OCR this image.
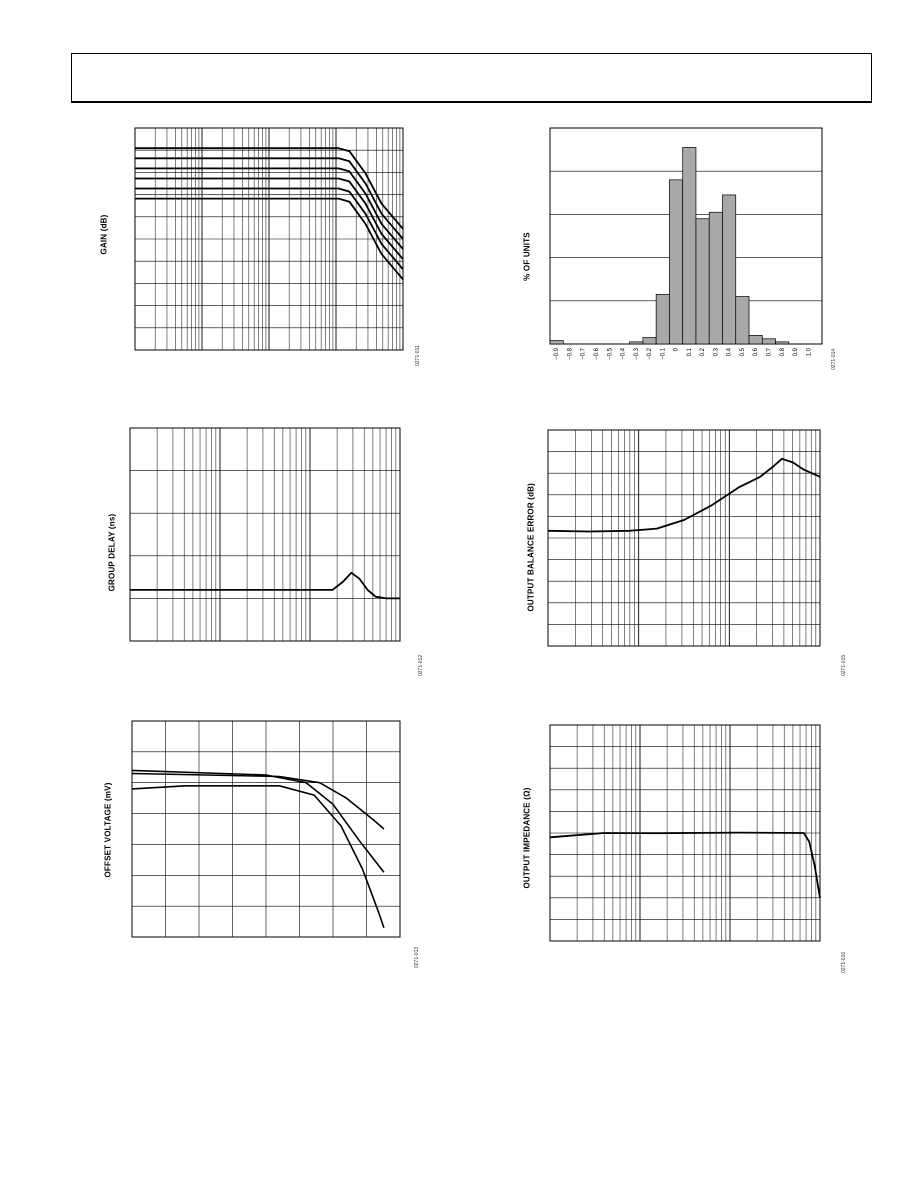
GAIN (dB)
0271-011
% OF UNITS
−0.9 −0.8 −0.7 −0.6 −0.5 −0.4 −0.3 −0.2 −0.1 0 0.1 0.2 0.3 0.4 0.5 0.6 0.7 0.8 0.9 1.0	0271-014
GROUP DELAY (ns)
0271-012
OUTPUT BALANCE ERROR (dB)
0271-015
OFFSET VOLTAGE (mV)
0271-013
OUTPUT IMPEDANCE (Ω)
0271-016
